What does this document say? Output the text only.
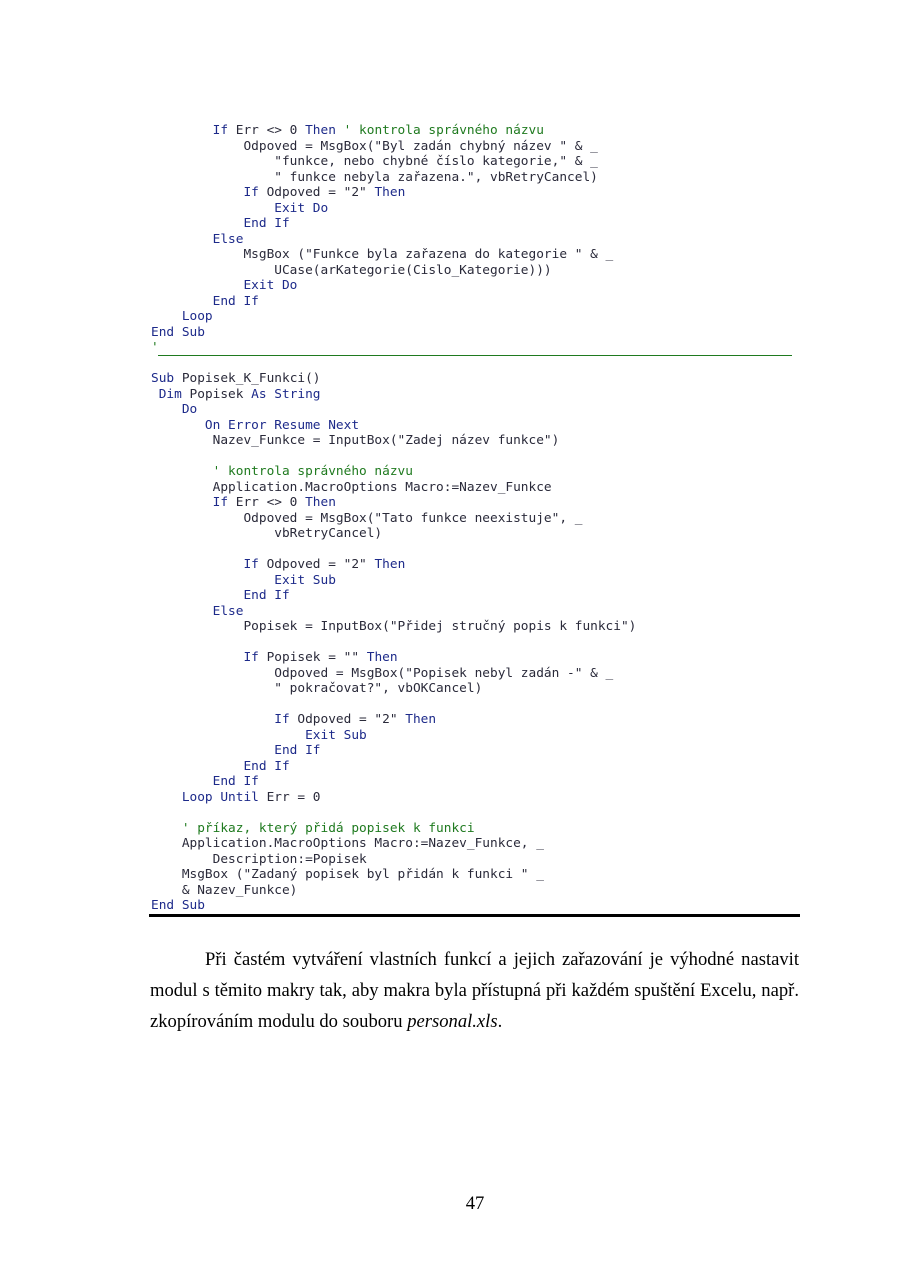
If Err <> 0 Then ' kontrola správného názvu
Odpoved = MsgBox("Byl zadán chybný název " & _
"funkce, nebo chybné číslo kategorie," & _
" funkce nebyla zařazena.", vbRetryCancel)
If Odpoved = "2" Then
Exit Do
End If
Else
MsgBox ("Funkce byla zařazena do kategorie " & _
UCase(arKategorie(Cislo_Kategorie)))
Exit Do
End If
Loop
End Sub
Sub Popisek_K_Funkci()
Dim Popisek As String
Do
On Error Resume Next
Nazev_Funkce = InputBox("Zadej název funkce")
' kontrola správného názvu
Application.MacroOptions Macro:=Nazev_Funkce
If Err <> 0 Then
Odpoved = MsgBox("Tato funkce neexistuje", _
vbRetryCancel)
If Odpoved = "2" Then
Exit Sub
End If
Else
Popisek = InputBox("Přidej stručný popis k funkci")
If Popisek = "" Then
Odpoved = MsgBox("Popisek nebyl zadán -" & _
" pokračovat?", vbOKCancel)
If Odpoved = "2" Then
Exit Sub
End If
End If
End If
Loop Until Err = 0
' příkaz, který přidá popisek k funkci
Application.MacroOptions Macro:=Nazev_Funkce, _
Description:=Popisek
MsgBox ("Zadaný popisek byl přidán k funkci " _
& Nazev_Funkce)
End Sub
'

Při častém vytváření vlastních funkcí a jejich zařazování je výhodné nastavit modul s těmito makry tak, aby makra byla přístupná při každém spuštění Excelu, např. zkopírováním modulu do souboru personal.xls.

47
